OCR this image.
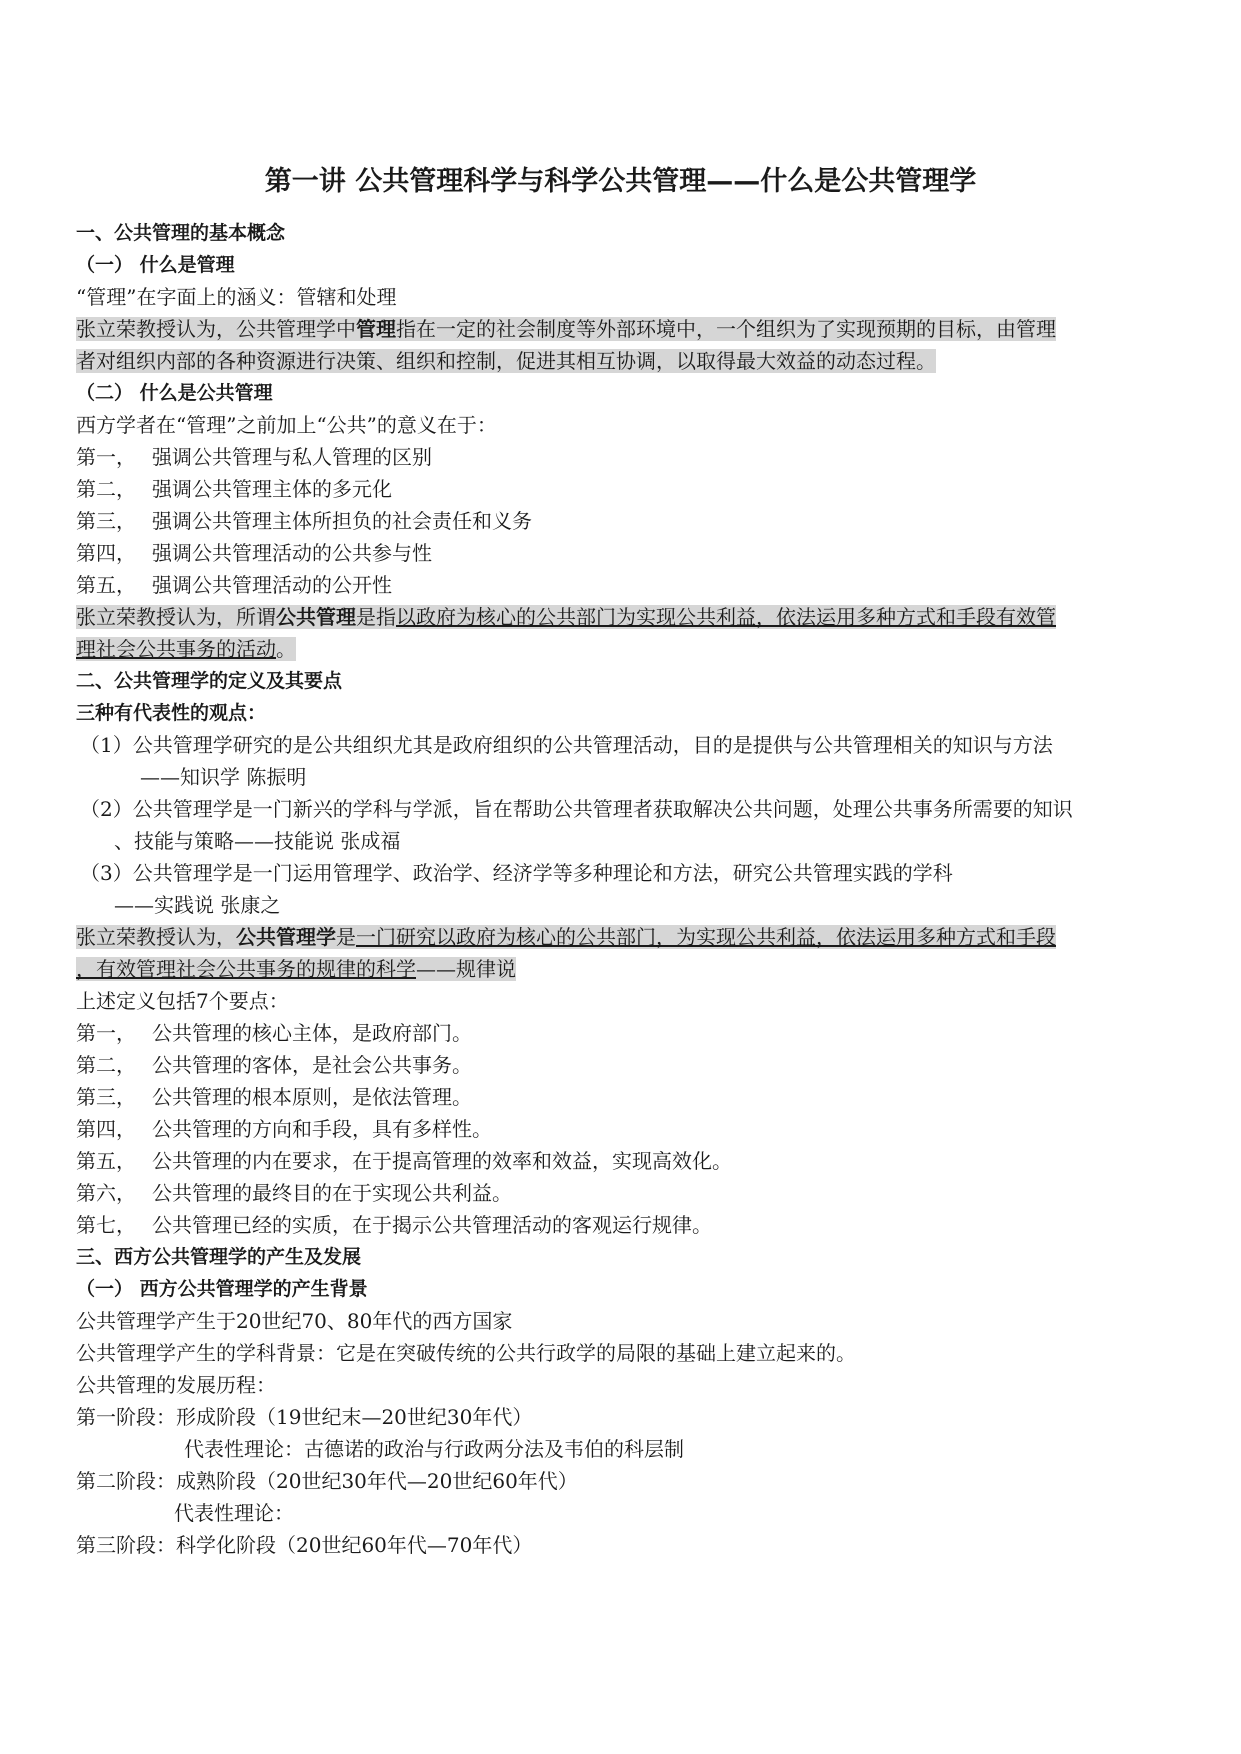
第一讲 公共管理科学与科学公共管理——什么是公共管理学
一、公共管理的基本概念
（一） 什么是管理
“管理”在字面上的涵义：管辖和处理
张立荣教授认为，公共管理学中管理指在一定的社会制度等外部环境中，一个组织为了实现预期的目标，由管理
者对组织内部的各种资源进行决策、组织和控制，促进其相互协调，以取得最大效益的动态过程。
（二） 什么是公共管理
西方学者在“管理”之前加上“公共”的意义在于：
第一， 强调公共管理与私人管理的区别
第二， 强调公共管理主体的多元化
第三， 强调公共管理主体所担负的社会责任和义务
第四， 强调公共管理活动的公共参与性
第五， 强调公共管理活动的公开性
张立荣教授认为，所谓公共管理是指以政府为核心的公共部门为实现公共利益，依法运用多种方式和手段有效管
理社会公共事务的活动。
二、公共管理学的定义及其要点
三种有代表性的观点：
（1）公共管理学研究的是公共组织尤其是政府组织的公共管理活动，目的是提供与公共管理相关的知识与方法
——知识学 陈振明
（2）公共管理学是一门新兴的学科与学派，旨在帮助公共管理者获取解决公共问题，处理公共事务所需要的知识
、技能与策略——技能说 张成福
（3）公共管理学是一门运用管理学、政治学、经济学等多种理论和方法，研究公共管理实践的学科
——实践说 张康之
张立荣教授认为，公共管理学是一门研究以政府为核心的公共部门，为实现公共利益，依法运用多种方式和手段
，有效管理社会公共事务的规律的科学——规律说
上述定义包括7个要点：
第一， 公共管理的核心主体，是政府部门。
第二， 公共管理的客体，是社会公共事务。
第三， 公共管理的根本原则，是依法管理。
第四， 公共管理的方向和手段，具有多样性。
第五， 公共管理的内在要求，在于提高管理的效率和效益，实现高效化。
第六， 公共管理的最终目的在于实现公共利益。
第七， 公共管理已经的实质，在于揭示公共管理活动的客观运行规律。
三、西方公共管理学的产生及发展
（一） 西方公共管理学的产生背景
公共管理学产生于20世纪70、80年代的西方国家
公共管理学产生的学科背景：它是在突破传统的公共行政学的局限的基础上建立起来的。
公共管理的发展历程：
第一阶段：形成阶段（19世纪末—20世纪30年代）
代表性理论：古德诺的政治与行政两分法及韦伯的科层制
第二阶段：成熟阶段（20世纪30年代—20世纪60年代）
代表性理论：
第三阶段：科学化阶段（20世纪60年代—70年代）
